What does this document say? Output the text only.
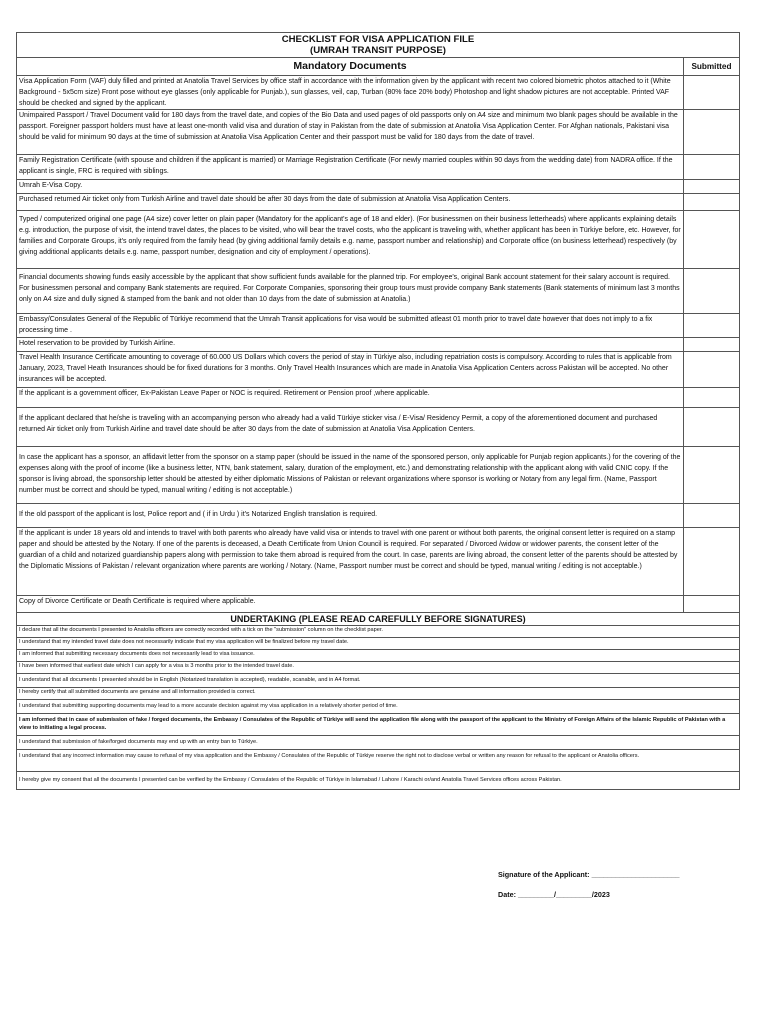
CHECKLIST FOR VISA APPLICATION FILE
(UMRAH TRANSIT PURPOSE)	

Mandatory Documents	Submitted
Visa Application Form (VAF) duly filled and printed at Anatolia Travel Services by office staff in accordance with the information given by the applicant with recent two colored biometric photos attached to it (White Background - 5x5cm size) Front pose without eye glasses (only applicable for Punjab.), sun glasses, veil, cap, Turban (80% face 20% body) Photoshop and light shadow pictures are not acceptable. Printed VAF should be checked and signed by the applicant.	
Unimpaired Passport / Travel Document valid for 180 days from the travel date, and copies of the Bio Data and used pages of old passports only on A4 size and minimum two blank pages should be available in the passport. Foreigner passport holders must have at least one-month valid visa and duration of stay in Pakistan from the date of submission at Anatolia Visa Application Center. For Afghan nationals, Pakistani visa should be valid for minimum 90 days at the time of submission at Anatolia Visa Application Center and their passport must be valid for 180 days from the date of travel.	
Family Registration Certificate (with spouse and children if the applicant is married) or Marriage Registration Certificate (For newly married couples within 90 days from the wedding date) from NADRA office. If the applicant is single, FRC is required with siblings.	
Umrah E-Visa Copy.	
Purchased returned Air ticket only from Turkish Airline and travel date should be after 30 days from the date of submission at Anatolia Visa Application Centers.	
Typed / computerized original one page (A4 size) cover letter on plain paper (Mandatory for the applicant's age of 18 and elder). (For businessmen on their business letterheads) where applicants explaining details e.g. introduction, the purpose of visit, the intend travel dates, the places to be visited, who will bear the travel costs, who the applicant is traveling with, whether applicant has been in Türkiye before, etc. However, for families and Corporate Groups, it's only required from the family head (by giving additional family details e.g. name, passport number and relationship) and Corporate office (on business letterhead) respectively (by giving additional applicants details e.g. name, passport number, designation and city of employment / operations).	
Financial documents showing funds easily accessible by the applicant that show sufficient funds available for the planned trip. For employee's, original Bank account statement for their salary account is required. For businessmen personal and company Bank statements are required. For Corporate Companies, sponsoring their group tours must provide company Bank statements (Bank statements of minimum last 3 months only on A4 size and dully signed & stamped from the bank and not older than 10 days from the date of submission at Anatolia.)	
Embassy/Consulates General of the Republic of Türkiye recommend that the Umrah Transit applications for visa would be submitted atleast 01 month prior to travel date however that does not imply to a fix processing time .	
Hotel reservation to be provided by Turkish Airline.	
Travel Health Insurance Certificate amounting to coverage of 60.000 US Dollars which covers the period of stay in Türkiye also, including repatriation costs is compulsory. According to rules that is applicable from January, 2023, Travel Heath Insurances should be for fixed durations for 3 months. Only Travel Health Insurances which are made in Anatolia Visa Application Centers across Pakistan will be accepted. No other insurances will be accepted.	
If the applicant is a government officer, Ex-Pakistan Leave Paper or NOC is required. Retirement or Pension proof ,where applicable.	
If the applicant declared that he/she is traveling with an accompanying person who already had a valid Türkiye sticker visa / E-Visa/ Residency Permit, a copy of the aforementioned document and purchased returned Air ticket only from Turkish Airline and travel date should be after 30 days from the date of submission at Anatolia Visa Application Centers.	
In case the applicant has a sponsor, an affidavit letter from the sponsor on a stamp paper (should be issued in the name of the sponsored person, only applicable for Punjab region applicants.) for the covering of the expenses along with the proof of income (like a business letter, NTN, bank statement, salary, duration of the employment, etc.) and demonstrating relationship with the applicant along with valid CNIC copy. If the sponsor is living abroad, the sponsorship letter should be attested by either diplomatic Missions of Pakistan or relevant organizations where sponsor is working or Notary from any legal firm. (Name, Passport number must be correct and should be typed, manual writing / editing is not acceptable.)	
If the old passport of the applicant is lost, Police report and ( if in Urdu ) it's Notarized English translation is required.	
If the applicant is under 18 years old and intends to travel with both parents who already have valid visa or intends to travel with one parent or without both parents, the original consent letter is required on a stamp paper and should be attested by the Notary. If one of the parents is deceased, a Death Certificate from Union Council is required. For separated / Divorced /widow or widower parents, the consent letter of the guardian of a child and notarized guardianship papers along with permission to take them abroad is required from the court. In case, parents are living abroad, the consent letter of the parents should be attested by the Diplomatic Missions of Pakistan / relevant organization where parents are working / Notary. (Name, Passport number must be correct and should be typed, manual writing / editing is not acceptable.)	
Copy of Divorce Certificate or Death Certificate is required where applicable.	
UNDERTAKING (PLEASE READ CAREFULLY BEFORE SIGNATURES)	
I declare that all the documents I presented to Anatolia officers are correctly recorded with a tick on the "submission" column on the checklist paper.	
I understand that my intended travel date does not necessarily indicate that my visa application will be finalized before my travel date.	
I am informed that submitting necessary documents does not necessarily lead to visa issuance.	
I have been informed that earliest date which I can apply for a visa is 3 months prior to the intended travel date.	
I understand that all documents I presented should be in English (Notarized translation is accepted), readable, scanable, and in A4 format.	
I hereby certify that all submitted documents are genuine and all information provided is correct.	
I understand that submitting supporting documents may lead to a more accurate decision against my visa application in a relatively shorter period of time.	
I am informed that in case of submission of fake / forged documents, the Embassy / Consulates of the Republic of Türkiye will send the application file along with the passport of the applicant to the Ministry of Foreign Affairs of the Islamic Republic of Pakistan with a view to initiating a legal process.	
I understand that submission of fake/forged documents may end up with an entry ban to Türkiye.	
I understand that any incorrect information may cause to refusal of my visa application and the Embassy / Consulates of the Republic of Türkiye reserve the right not to disclose verbal or written any reason for refusal to the applicant or Anatolia officers.	
I hereby give my consent that all the documents I presented can be verified by the Embassy / Consulates of the Republic of Türkiye in Islamabad / Lahore / Karachi or/and Anatolia Travel Services offices across Pakistan.	
Signature of the Applicant: ______________________
Date: _________/_________/2023
